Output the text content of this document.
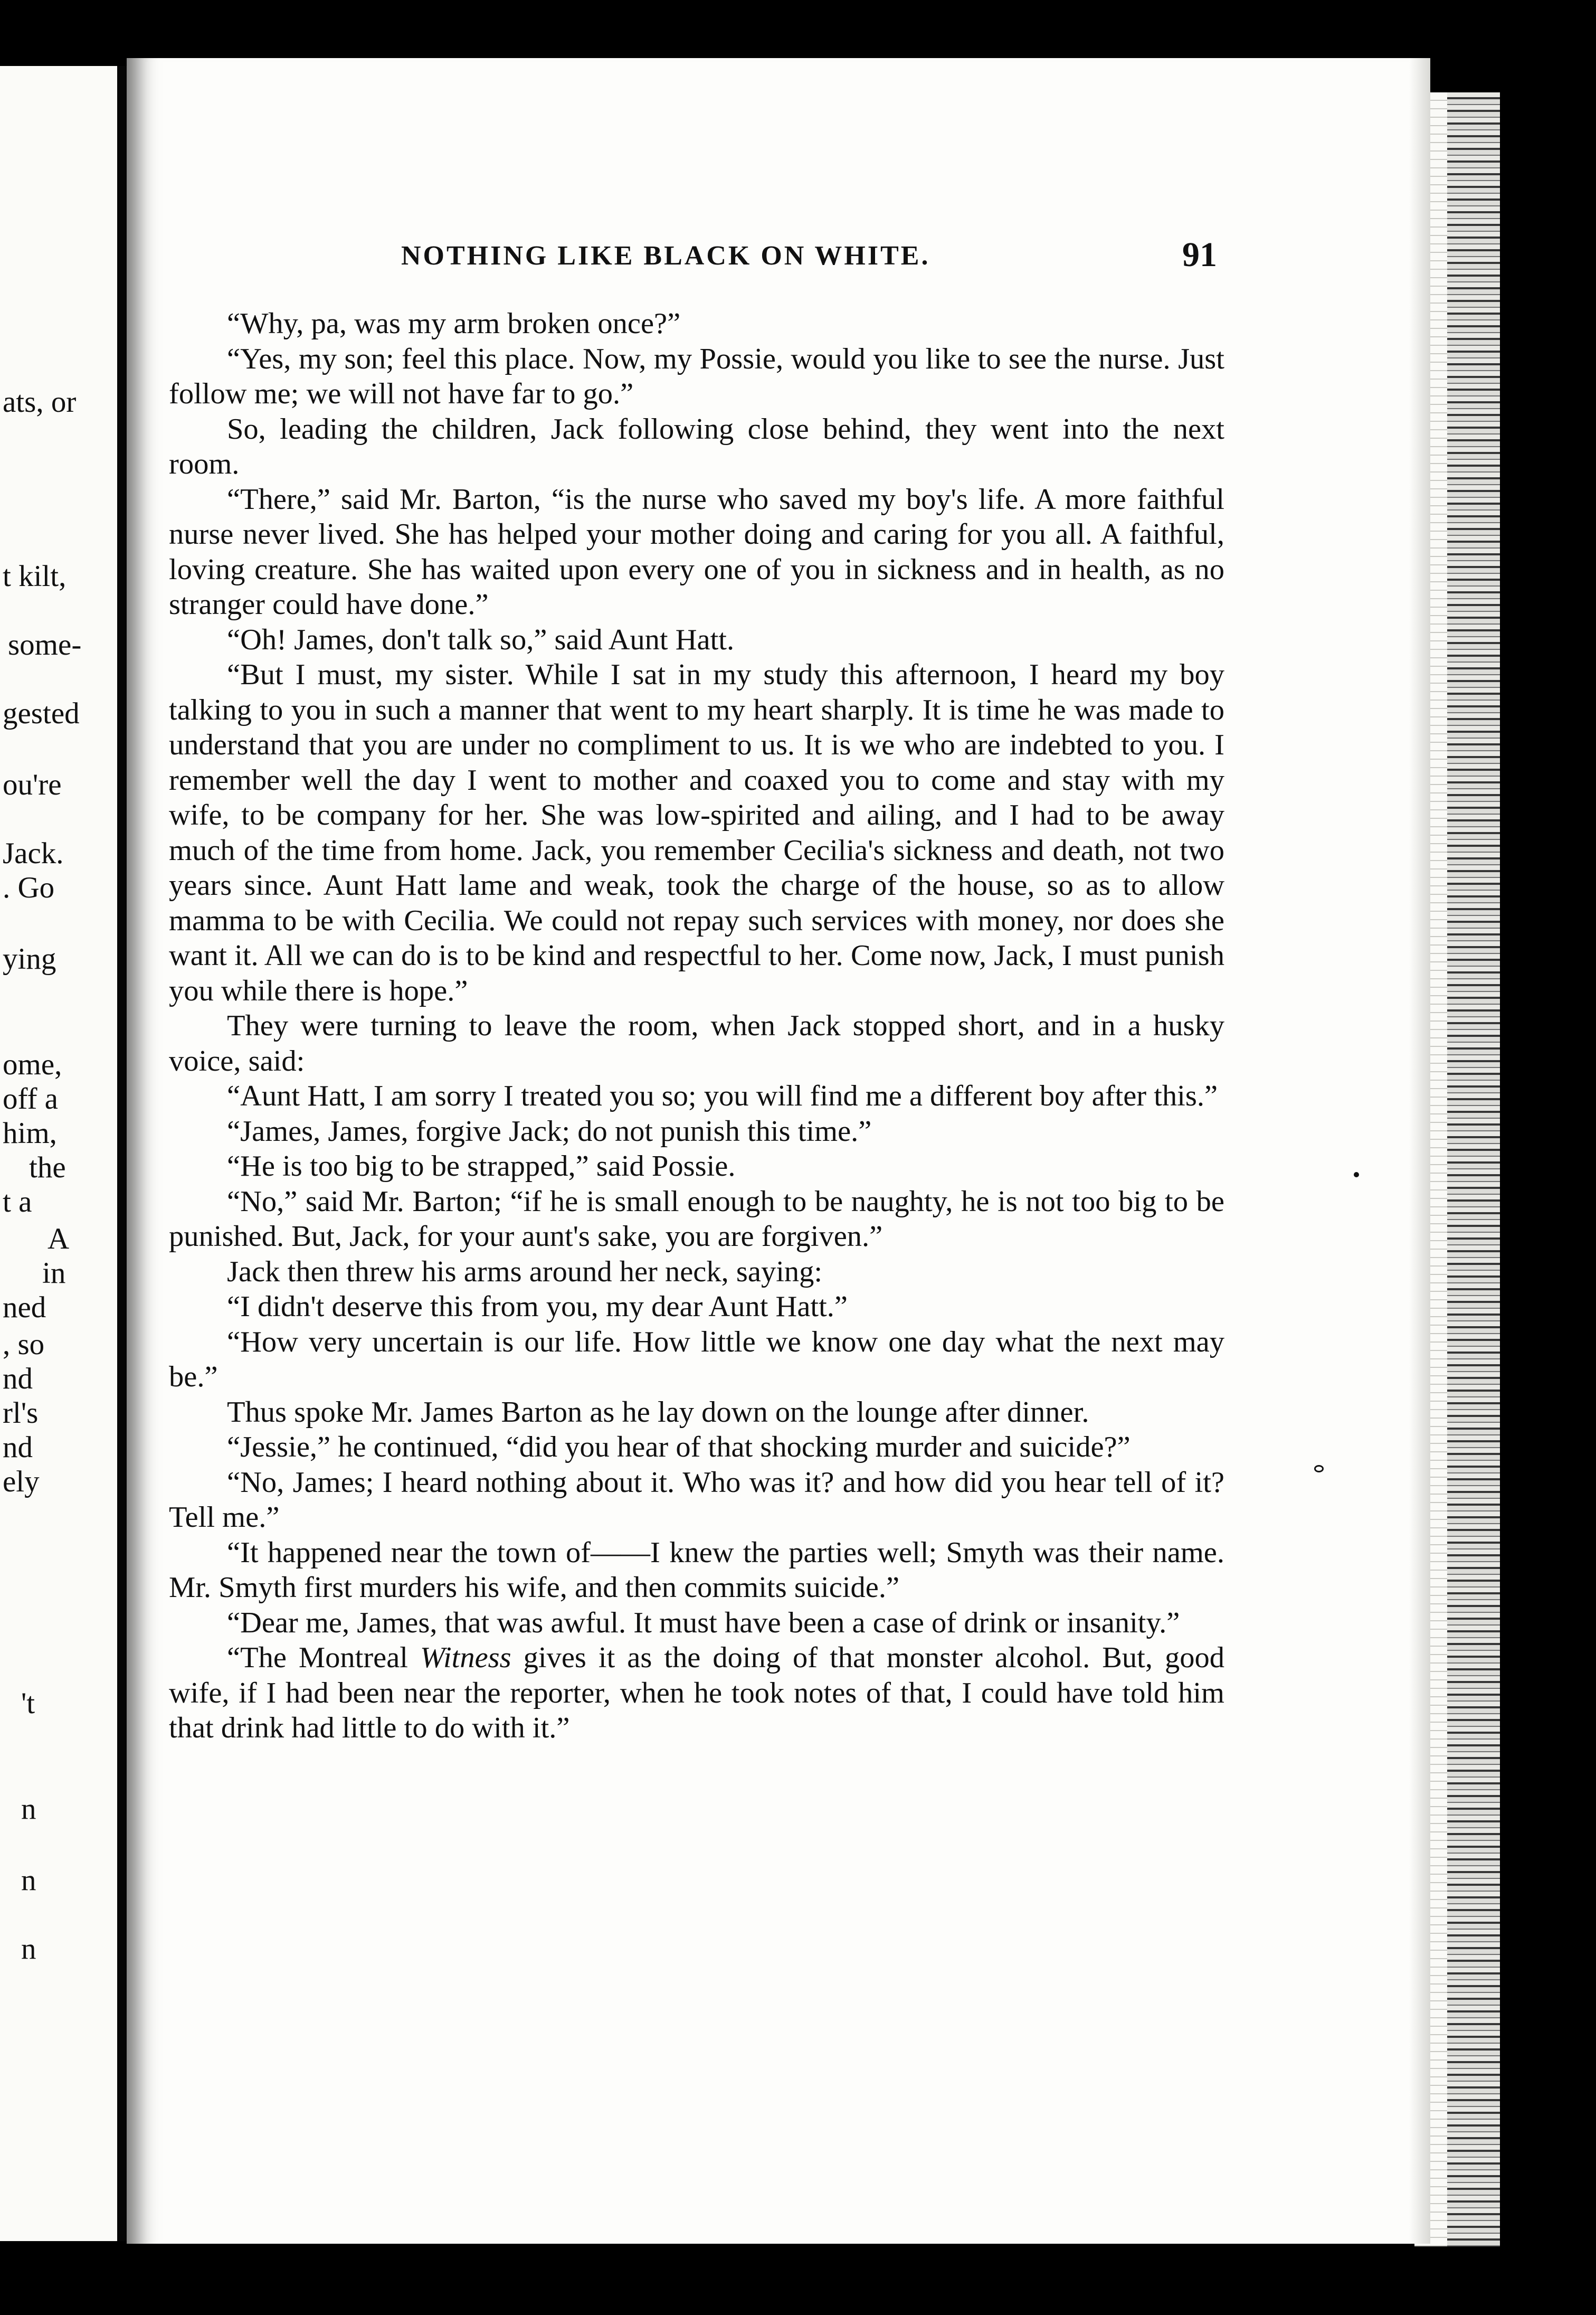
ats, or
t kilt,
some-
gested
ou're
Jack.
. Go
ying
ome,
off a
him,
the
t a
A
in
ned
, so
nd
rl's
nd
ely
't
n
n
n
NOTHING LIKE BLACK ON WHITE.	91

“Why, pa, was my arm broken once?”

“Yes, my son; feel this place. Now, my Possie, would you like to see the nurse. Just follow me; we will not have far to go.”

So, leading the children, Jack following close behind, they went into the next room.

“There,” said Mr. Barton, “is the nurse who saved my boy's life. A more faithful nurse never lived. She has helped your mother doing and caring for you all. A faithful, loving creature. She has waited upon every one of you in sickness and in health, as no stranger could have done.”

“Oh! James, don't talk so,” said Aunt Hatt.

“But I must, my sister. While I sat in my study this afternoon, I heard my boy talking to you in such a manner that went to my heart sharply. It is time he was made to understand that you are under no compliment to us. It is we who are indebted to you. I remember well the day I went to mother and coaxed you to come and stay with my wife, to be company for her. She was low-spirited and ailing, and I had to be away much of the time from home. Jack, you remember Cecilia's sickness and death, not two years since. Aunt Hatt lame and weak, took the charge of the house, so as to allow mamma to be with Cecilia. We could not repay such services with money, nor does she want it. All we can do is to be kind and respectful to her. Come now, Jack, I must punish you while there is hope.”

They were turning to leave the room, when Jack stopped short, and in a husky voice, said:

“Aunt Hatt, I am sorry I treated you so; you will find me a different boy after this.”

“James, James, forgive Jack; do not punish this time.”

“He is too big to be strapped,” said Possie.

“No,” said Mr. Barton; “if he is small enough to be naughty, he is not too big to be punished. But, Jack, for your aunt's sake, you are forgiven.”

Jack then threw his arms around her neck, saying:

“I didn't deserve this from you, my dear Aunt Hatt.”

“How very uncertain is our life. How little we know one day what the next may be.”

Thus spoke Mr. James Barton as he lay down on the lounge after dinner.

“Jessie,” he continued, “did you hear of that shocking murder and suicide?”

“No, James; I heard nothing about it. Who was it? and how did you hear tell of it? Tell me.”

“It happened near the town of——I knew the parties well; Smyth was their name. Mr. Smyth first murders his wife, and then commits suicide.”

“Dear me, James, that was awful. It must have been a case of drink or insanity.”

“The Montreal Witness gives it as the doing of that monster alcohol. But, good wife, if I had been near the reporter, when he took notes of that, I could have told him that drink had little to do with it.”
